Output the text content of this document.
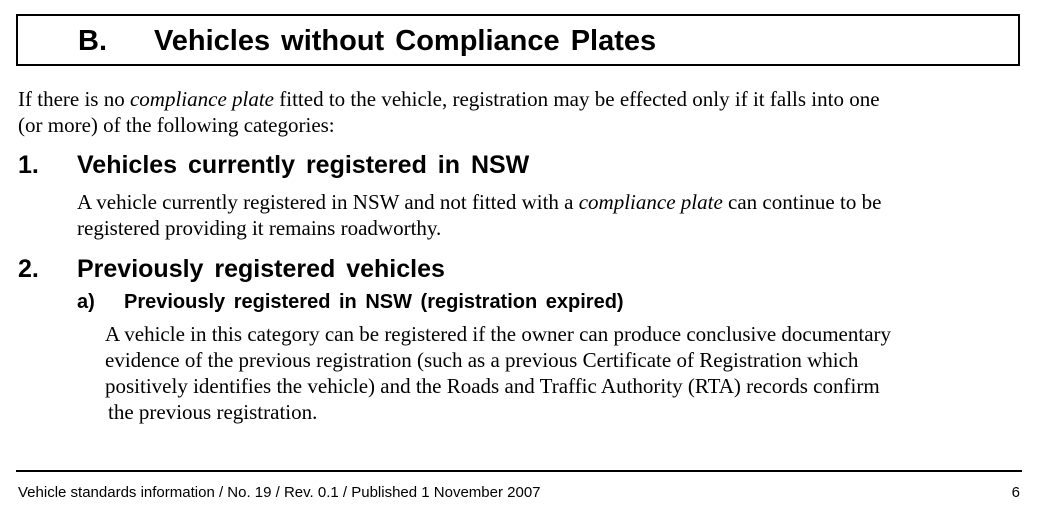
B. Vehicles without Compliance Plates

If there is no compliance plate fitted to the vehicle, registration may be effected only if it falls into one
(or more) of the following categories:

1. Vehicles currently registered in NSW

A vehicle currently registered in NSW and not fitted with a compliance plate can continue to be
registered providing it remains roadworthy.

2. Previously registered vehicles
a) Previously registered in NSW (registration expired)

A vehicle in this category can be registered if the owner can produce conclusive documentary
evidence of the previous registration (such as a previous Certificate of Registration which
positively identifies the vehicle) and the Roads and Traffic Authority (RTA) records confirm
the previous registration.

Vehicle standards information / No. 19 / Rev. 0.1 / Published 1 November 2007	6
